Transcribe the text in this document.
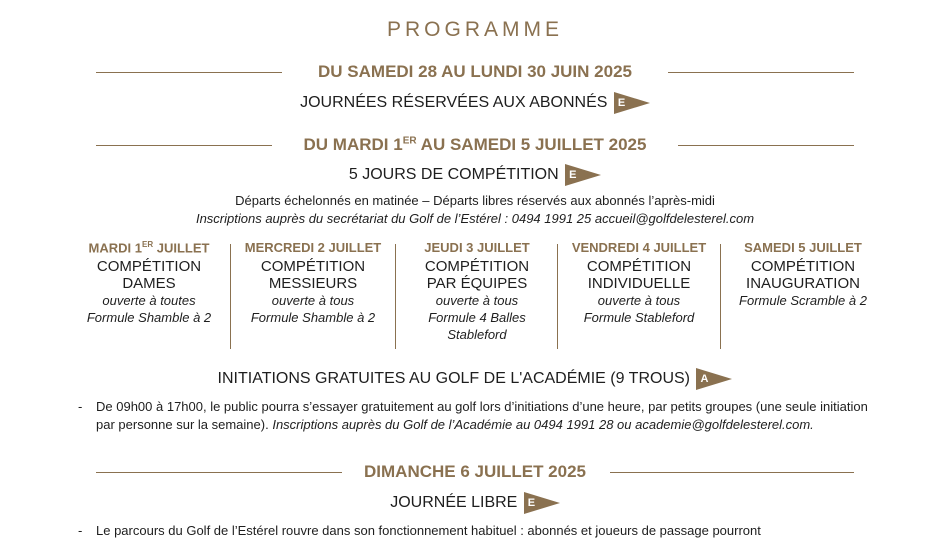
PROGRAMME
DU SAMEDI 28 AU LUNDI 30 JUIN 2025
JOURNÉES RÉSERVÉES AUX ABONNÉS E
DU MARDI 1ER AU SAMEDI 5 JUILLET 2025
5 JOURS DE COMPÉTITION E
Départs échelonnés en matinée – Départs libres réservés aux abonnés l’après-midi
Inscriptions auprès du secrétariat du Golf de l’Estérel : 0494 1991 25 accueil@golfdelesterel.com
MARDI 1ER JUILLET
COMPÉTITION
DAMES
ouverte à toutes
Formule Shamble à 2
MERCREDI 2 JUILLET
COMPÉTITION
MESSIEURS
ouverte à tous
Formule Shamble à 2
JEUDI 3 JUILLET
COMPÉTITION
PAR ÉQUIPES
ouverte à tous
Formule 4 Balles
Stableford
VENDREDI 4 JUILLET
COMPÉTITION
INDIVIDUELLE
ouverte à tous
Formule Stableford
SAMEDI 5 JUILLET
COMPÉTITION
INAUGURATION
Formule Scramble à 2
INITIATIONS GRATUITES AU GOLF DE L'ACADÉMIE (9 TROUS) A
- De 09h00 à 17h00, le public pourra s’essayer gratuitement au golf lors d’initiations d’une heure, par petits groupes (une seule initiation par personne sur la semaine). Inscriptions auprès du Golf de l’Académie au 0494 1991 28 ou academie@golfdelesterel.com.
DIMANCHE 6 JUILLET 2025
JOURNÉE LIBRE E
- Le parcours du Golf de l’Estérel rouvre dans son fonctionnement habituel : abonnés et joueurs de passage pourront
